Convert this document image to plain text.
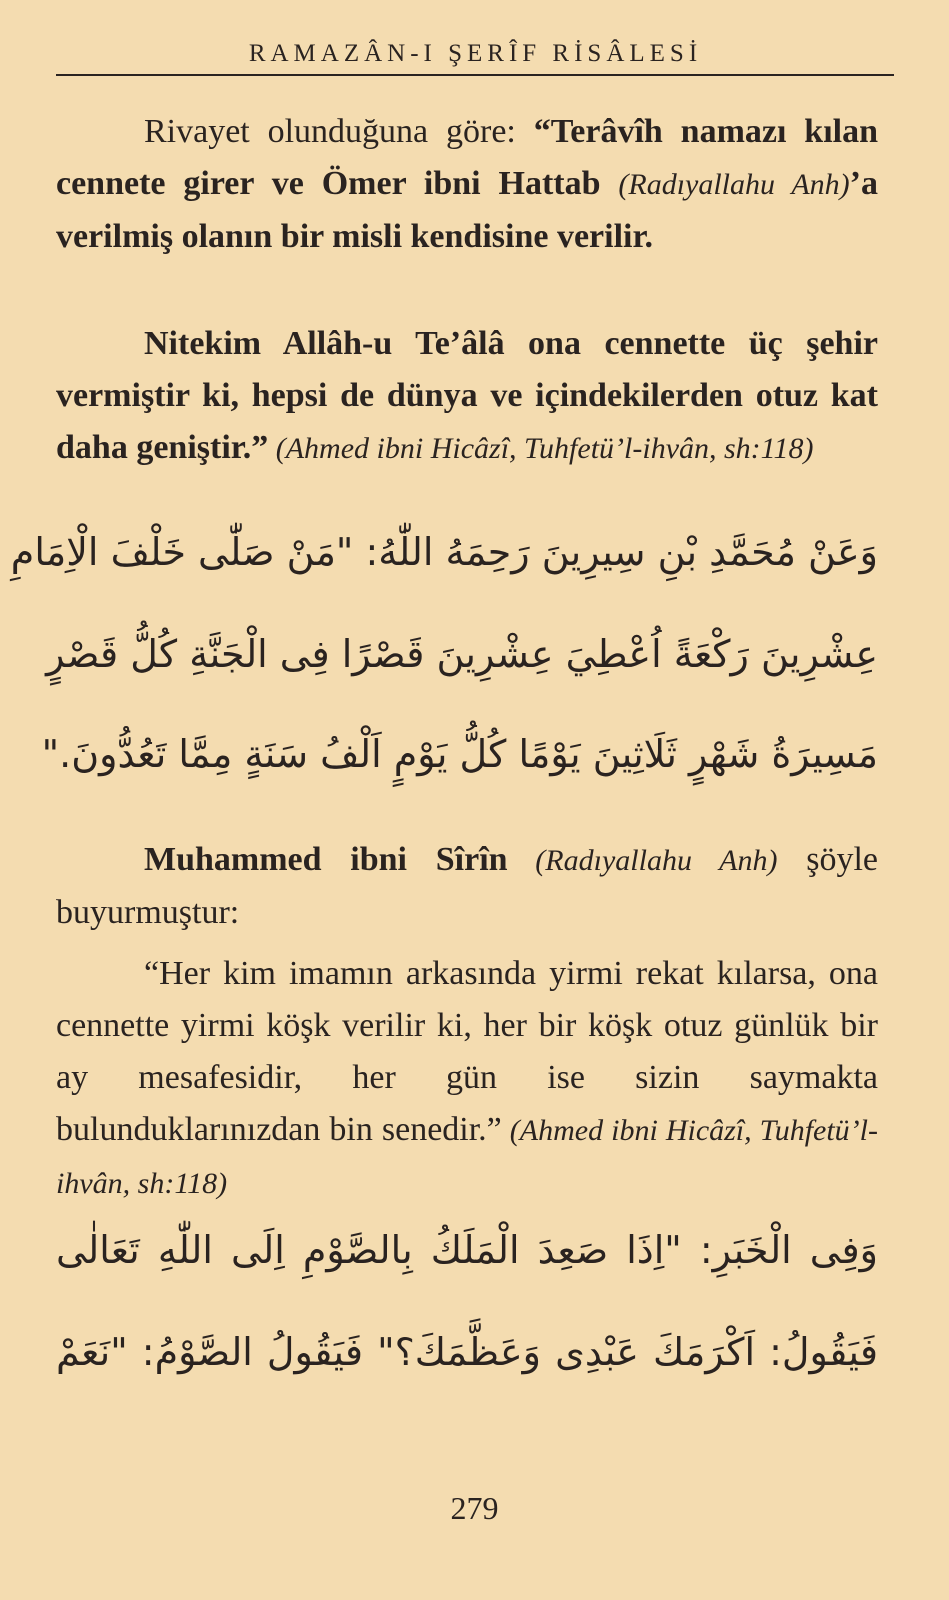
RAMAZÂN-I ŞERÎF RİSÂLESİ
Rivayet olunduğuna göre: “Terâvîh namazı kılan cennete girer ve Ömer ibni Hattab (Radıyallahu Anh)’a verilmiş olanın bir misli kendisine verilir.
Nitekim Allâh-u Te’âlâ ona cennette üç şehir vermiştir ki, hepsi de dünya ve içindekilerden otuz kat daha geniştir.” (Ahmed ibni Hicâzî, Tuhfetü’l-ihvân, sh:118)
وَعَنْ مُحَمَّدِ بْنِ سِيرِينَ رَحِمَهُ اللّٰهُ: "مَنْ صَلّٰى خَلْفَ الْاِمَامِ
عِشْرِينَ رَكْعَةً اُعْطِيَ عِشْرِينَ قَصْرًا فِى الْجَنَّةِ كُلُّ قَصْرٍ
مَسِيرَةُ شَهْرٍ ثَلَاثِينَ يَوْمًا كُلُّ يَوْمٍ اَلْفُ سَنَةٍ مِمَّا تَعُدُّونَ."
Muhammed ibni Sîrîn (Radıyallahu Anh) şöyle buyurmuştur:
“Her kim imamın arkasında yirmi rekat kılarsa, ona cennette yirmi köşk verilir ki, her bir köşk otuz günlük bir ay mesafesidir, her gün ise sizin saymakta bulunduklarınızdan bin senedir.” (Ahmed ibni Hicâzî, Tuhfetü’l-ihvân, sh:118)
وَفِى الْخَبَرِ: "اِذَا صَعِدَ الْمَلَكُ بِالصَّوْمِ اِلَى اللّٰهِ تَعَالٰى
فَيَقُولُ: اَكْرَمَكَ عَبْدِى وَعَظَّمَكَ؟" فَيَقُولُ الصَّوْمُ: "نَعَمْ
279
